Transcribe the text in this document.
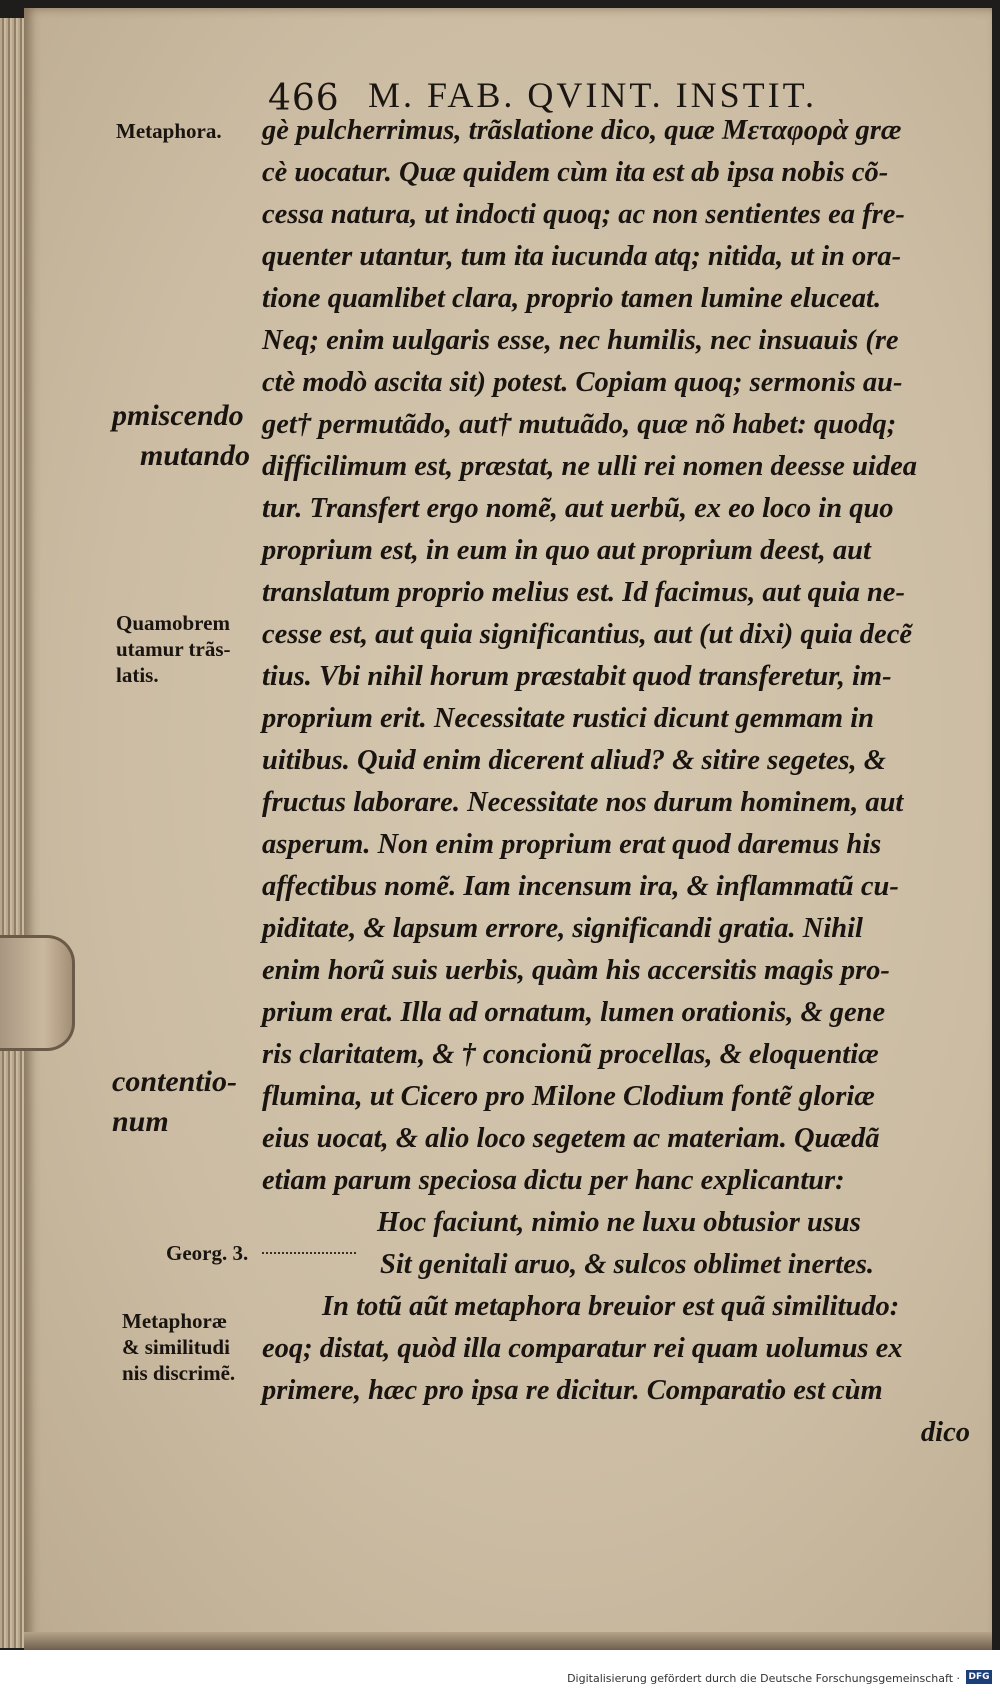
466 M. FAB. QVINT. INSTIT.
Metaphora.
pmiscendo
mutando
Quamobrem
utamur trãs-
latis.
contentio-
num
Georg. 3.
Metaphoræ
& similitudi
nis discrimẽ.
gè pulcherrimus, trãslatione dico, quæ Μεταφορὰ græ
cè uocatur. Quæ quidem cùm ita est ab ipsa nobis cõ-
cessa natura, ut indocti quoq; ac non sentientes ea fre-
quenter utantur, tum ita iucunda atq; nitida, ut in ora-
tione quamlibet clara, proprio tamen lumine eluceat.
Neq; enim uulgaris esse, nec humilis, nec insuauis (re
ctè modò ascita sit) potest. Copiam quoq; sermonis au-
get† permutãdo, aut† mutuãdo, quæ nõ habet: quodq;
difficilimum est, præstat, ne ulli rei nomen deesse uidea
tur. Transfert ergo nomẽ, aut uerbũ, ex eo loco in quo
proprium est, in eum in quo aut proprium deest, aut
translatum proprio melius est. Id facimus, aut quia ne-
cesse est, aut quia significantius, aut (ut dixi) quia decẽ
tius. Vbi nihil horum præstabit quod transferetur, im-
proprium erit. Necessitate rustici dicunt gemmam in
uitibus. Quid enim dicerent aliud? & sitire segetes, &
fructus laborare. Necessitate nos durum hominem, aut
asperum. Non enim proprium erat quod daremus his
affectibus nomẽ. Iam incensum ira, & inflammatũ cu-
piditate, & lapsum errore, significandi gratia. Nihil
enim horũ suis uerbis, quàm his accersitis magis pro-
prium erat. Illa ad ornatum, lumen orationis, & gene
ris claritatem, & † concionũ procellas, & eloquentiæ
flumina, ut Cicero pro Milone Clodium fontẽ gloriæ
eius uocat, & alio loco segetem ac materiam. Quædã
etiam parum speciosa dictu per hanc explicantur:
Hoc faciunt, nimio ne luxu obtusior usus
Sit genitali aruo, & sulcos oblimet inertes.
In totũ aũt metaphora breuior est quã similitudo:
eoq; distat, quòd illa comparatur rei quam uolumus ex
primere, hæc pro ipsa re dicitur. Comparatio est cùm
dico
Digitalisierung gefördert durch die Deutsche Forschungsgemeinschaft · DFG
